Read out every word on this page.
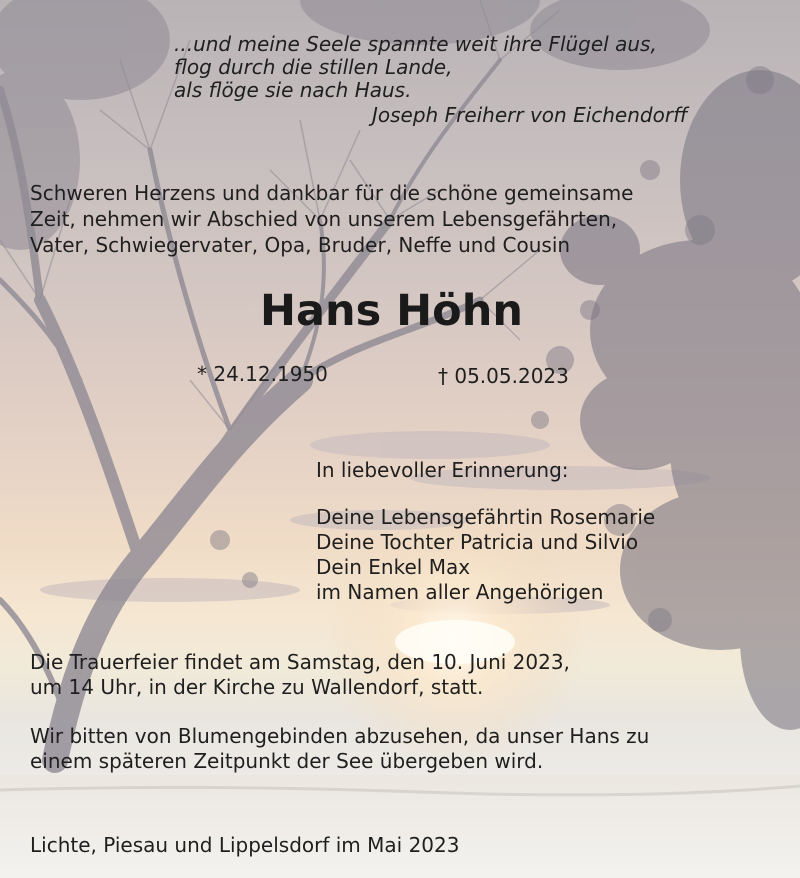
...und meine Seele spannte weit ihre Flügel aus,

flog durch die stillen Lande,

als flöge sie nach Haus.

Joseph Freiherr von Eichendorff

Schweren Herzens und dankbar für die schöne gemeinsame

Zeit, nehmen wir Abschied von unserem Lebensgefährten,

Vater, Schwiegervater, Opa, Bruder, Neffe und Cousin

Hans Höhn

* 24.12.1950	† 05.05.2023

In liebevoller Erinnerung:

Deine Lebensgefährtin Rosemarie

Deine Tochter Patricia und Silvio

Dein Enkel Max

im Namen aller Angehörigen

Die Trauerfeier findet am Samstag, den 10. Juni 2023,

um 14 Uhr, in der Kirche zu Wallendorf, statt.

Wir bitten von Blumengebinden abzusehen, da unser Hans zu

einem späteren Zeitpunkt der See übergeben wird.

Lichte, Piesau und Lippelsdorf im Mai 2023
